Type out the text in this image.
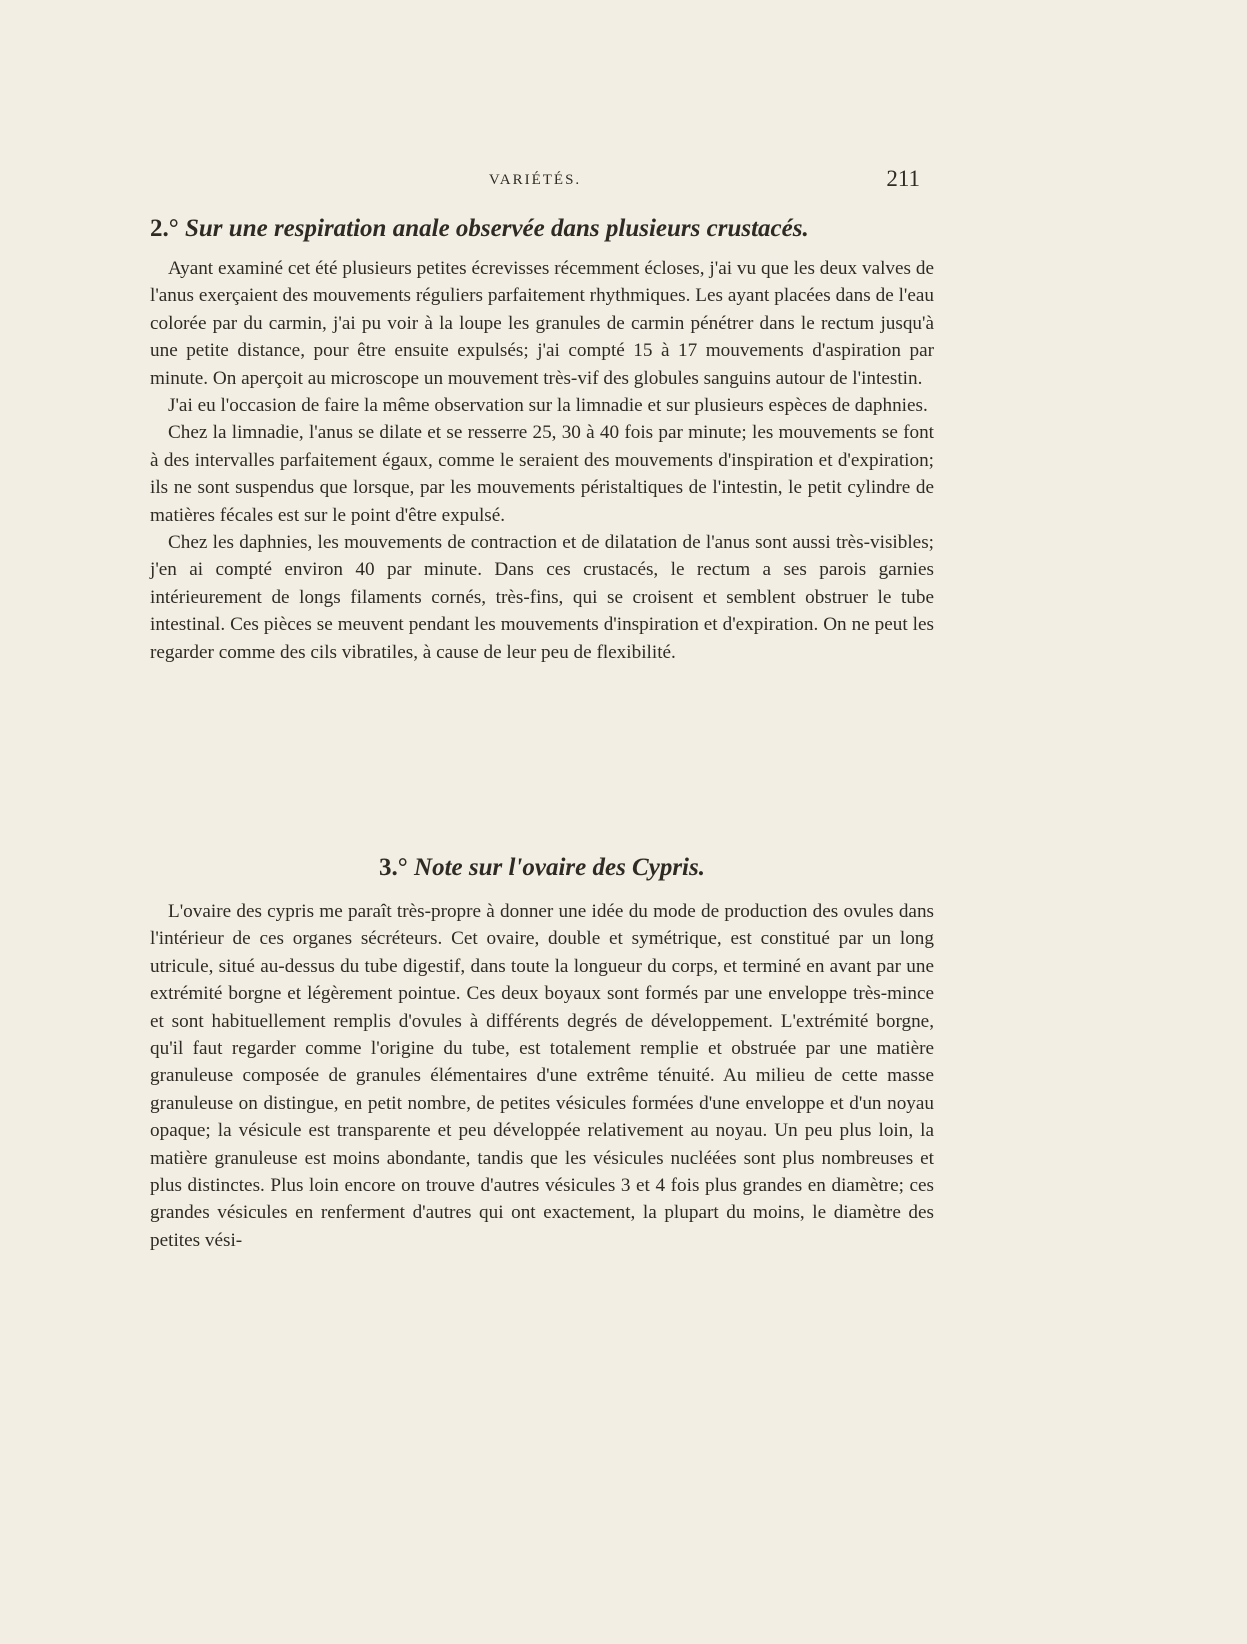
VARIÉTÉS.	211
2.° Sur une respiration anale observée dans plusieurs crustacés.

Ayant examiné cet été plusieurs petites écrevisses récemment écloses, j'ai vu que les deux valves de l'anus exerçaient des mouvements réguliers parfaitement rhythmiques. Les ayant placées dans de l'eau colorée par du carmin, j'ai pu voir à la loupe les granules de carmin pénétrer dans le rectum jusqu'à une petite distance, pour être ensuite expulsés; j'ai compté 15 à 17 mouvements d'aspiration par minute. On aperçoit au microscope un mouvement très-vif des globules sanguins autour de l'intestin.

J'ai eu l'occasion de faire la même observation sur la limnadie et sur plusieurs espèces de daphnies.

Chez la limnadie, l'anus se dilate et se resserre 25, 30 à 40 fois par minute; les mouvements se font à des intervalles parfaitement égaux, comme le seraient des mouvements d'inspiration et d'expiration; ils ne sont suspendus que lorsque, par les mouvements péristaltiques de l'intestin, le petit cylindre de matières fécales est sur le point d'être expulsé.

Chez les daphnies, les mouvements de contraction et de dilatation de l'anus sont aussi très-visibles; j'en ai compté environ 40 par minute. Dans ces crustacés, le rectum a ses parois garnies intérieurement de longs filaments cornés, très-fins, qui se croisent et semblent obstruer le tube intestinal. Ces pièces se meuvent pendant les mouvements d'inspiration et d'expiration. On ne peut les regarder comme des cils vibratiles, à cause de leur peu de flexibilité.

3.° Note sur l'ovaire des Cypris.

L'ovaire des cypris me paraît très-propre à donner une idée du mode de production des ovules dans l'intérieur de ces organes sécréteurs. Cet ovaire, double et symétrique, est constitué par un long utricule, situé au-dessus du tube digestif, dans toute la longueur du corps, et terminé en avant par une extrémité borgne et légèrement pointue. Ces deux boyaux sont formés par une enveloppe très-mince et sont habituellement remplis d'ovules à différents degrés de développement. L'extrémité borgne, qu'il faut regarder comme l'origine du tube, est totalement remplie et obstruée par une matière granuleuse composée de granules élémentaires d'une extrême ténuité. Au milieu de cette masse granuleuse on distingue, en petit nombre, de petites vésicules formées d'une enveloppe et d'un noyau opaque; la vésicule est transparente et peu développée relativement au noyau. Un peu plus loin, la matière granuleuse est moins abondante, tandis que les vésicules nucléées sont plus nombreuses et plus distinctes. Plus loin encore on trouve d'autres vésicules 3 et 4 fois plus grandes en diamètre; ces grandes vésicules en renferment d'autres qui ont exactement, la plupart du moins, le diamètre des petites vési-
